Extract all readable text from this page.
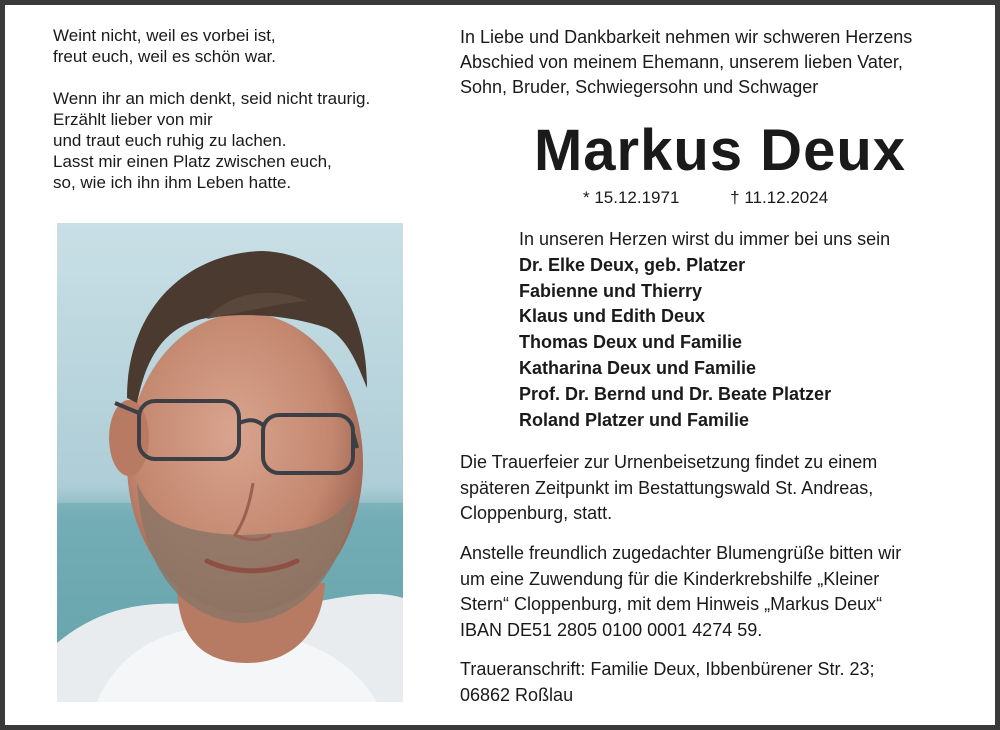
Weint nicht, weil es vorbei ist,
freut euch, weil es schön war.
Wenn ihr an mich denkt, seid nicht traurig.
Erzählt lieber von mir
und traut euch ruhig zu lachen.
Lasst mir einen Platz zwischen euch,
so, wie ich ihn ihm Leben hatte.
In Liebe und Dankbarkeit nehmen wir schweren Herzens
Abschied von meinem Ehemann, unserem lieben Vater,
Sohn, Bruder, Schwiegersohn und Schwager
Markus Deux
* 15.12.1971	† 11.12.2024
In unseren Herzen wirst du immer bei uns sein
Dr. Elke Deux, geb. Platzer
Fabienne und Thierry
Klaus und Edith Deux
Thomas Deux und Familie
Katharina Deux und Familie
Prof. Dr. Bernd und Dr. Beate Platzer
Roland Platzer und Familie
Die Trauerfeier zur Urnenbeisetzung findet zu einem
späteren Zeitpunkt im Bestattungswald St. Andreas,
Cloppenburg, statt.
Anstelle freundlich zugedachter Blumengrüße bitten wir
um eine Zuwendung für die Kinderkrebshilfe „Kleiner
Stern“ Cloppenburg, mit dem Hinweis „Markus Deux“
IBAN DE51 2805 0100 0001 4274 59.
Traueranschrift: Familie Deux, Ibbenbürener Str. 23;
06862 Roßlau
